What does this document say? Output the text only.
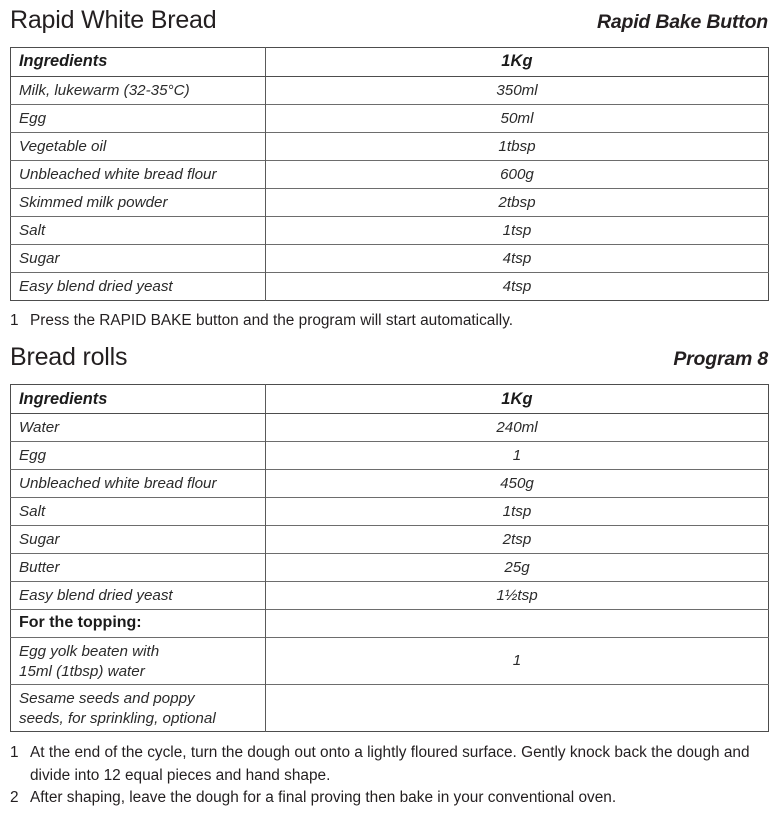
Rapid White Bread	Rapid Bake Button
Ingredients	1Kg
Milk, lukewarm (32-35°C)	350ml
Egg	50ml
Vegetable oil	1tbsp
Unbleached white bread flour	600g
Skimmed milk powder	2tbsp
Salt	1tsp
Sugar	4tsp
Easy blend dried yeast	4tsp
1 Press the RAPID BAKE button and the program will start automatically.
Bread rolls	Program 8
Ingredients	1Kg
Water	240ml
Egg	1
Unbleached white bread flour	450g
Salt	1tsp
Sugar	2tsp
Butter	25g
Easy blend dried yeast	1½tsp
For the topping:	
Egg yolk beaten with
15ml (1tbsp) water	1
Sesame seeds and poppy
seeds, for sprinkling, optional	
1 At the end of the cycle, turn the dough out onto a lightly floured surface. Gently knock back the dough and divide into 12 equal pieces and hand shape.
2 After shaping, leave the dough for a final proving then bake in your conventional oven.
